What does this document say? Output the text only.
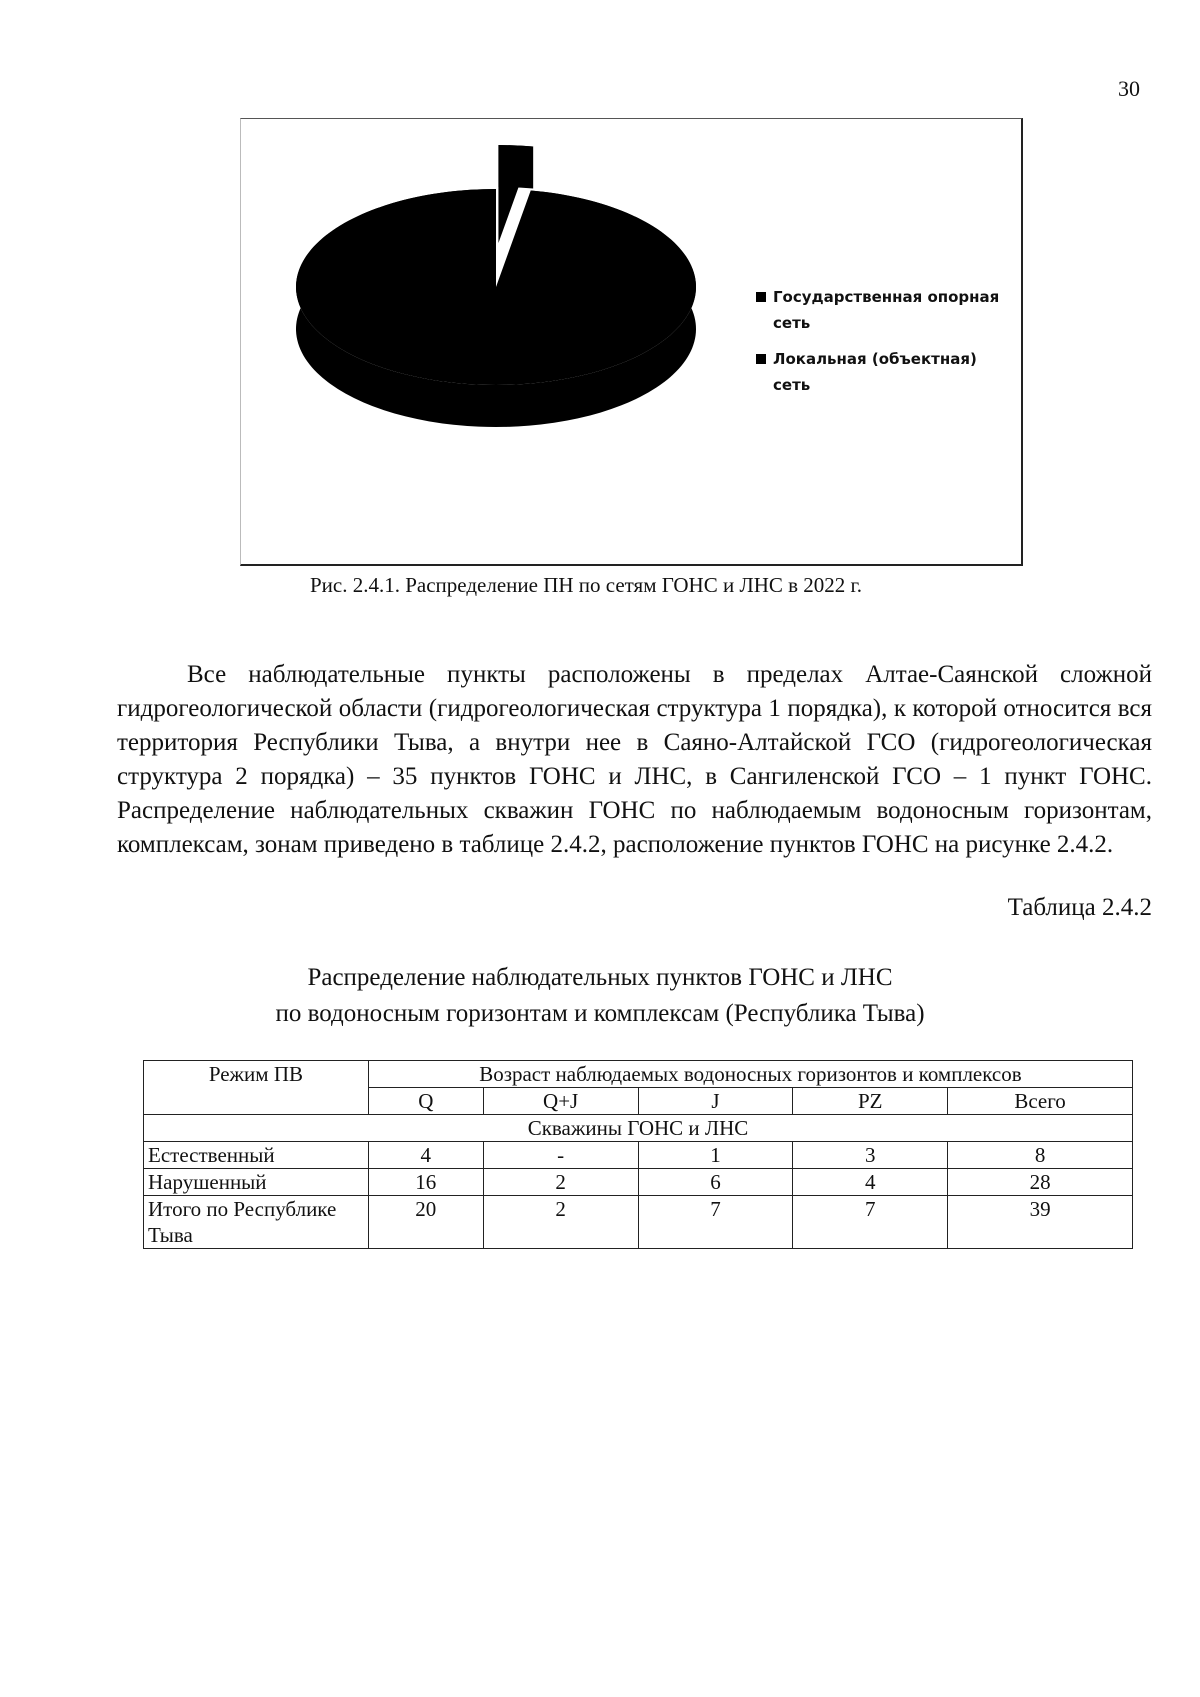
30
Государственная опорная сеть
Локальная (объектная) сеть
Рис. 2.4.1. Распределение ПН по сетям ГОНС и ЛНС в 2022 г.

Все наблюдательные пункты расположены в пределах Алтае-Саянской сложной гидрогеологической области (гидрогеологическая структура 1 порядка), к которой относится вся территория Республики Тыва, а внутри нее в Саяно-Алтайской ГСО (гидрогеологическая структура 2 порядка) – 35 пунктов ГОНС и ЛНС, в Сангиленской ГСО – 1 пункт ГОНС. Распределение наблюдательных скважин ГОНС по наблюдаемым водоносным горизонтам, комплексам, зонам приведено в таблице 2.4.2, расположение пунктов ГОНС на рисунке 2.4.2.

Таблица 2.4.2
Распределение наблюдательных пунктов ГОНС и ЛНС
по водоносным горизонтам и комплексам (Республика Тыва)
Режим ПВ	Возраст наблюдаемых водоносных горизонтов и комплексов				
	Q	Q+J	J	PZ	Всего
Скважины ГОНС и ЛНС					
Естественный	4	-	1	3	8
Нарушенный	16	2	6	4	28
Итого по Республике Тыва	20	2	7	7	39
